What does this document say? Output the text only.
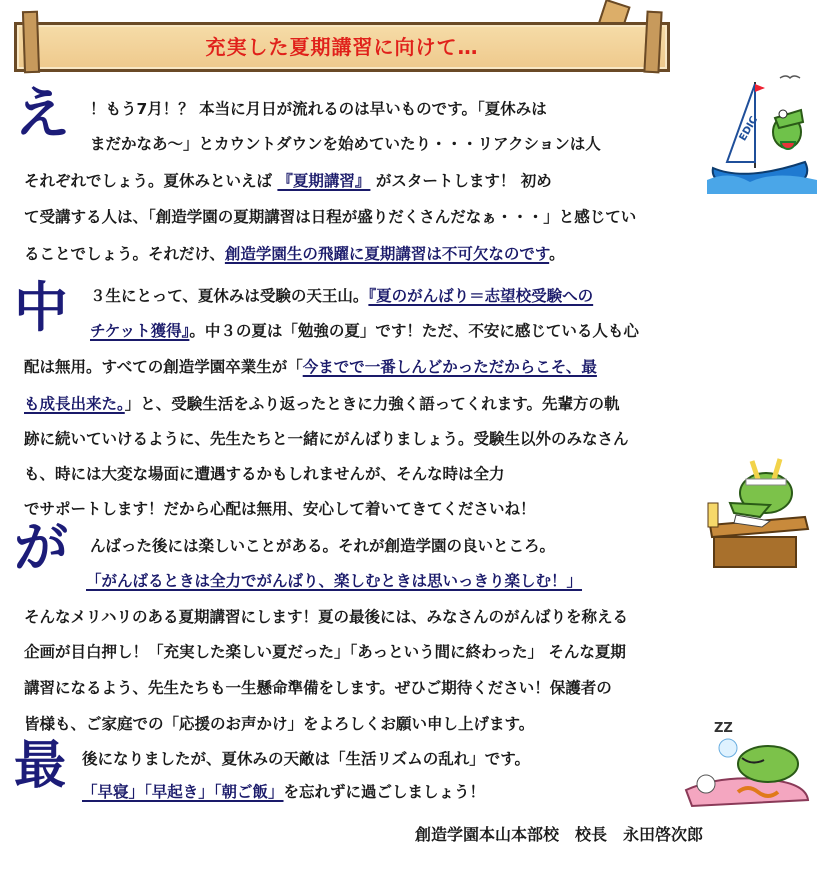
充実した夏期講習に向けて…
え
中
が
最
！もう7月！？ 本当に月日が流れるのは早いものです。「夏休みは
まだかなあ～」とカウントダウンを始めていたり・・・リアクションは人
それぞれでしょう。夏休みといえば 『夏期講習』 がスタートします！ 初め
て受講する人は、「創造学園の夏期講習は日程が盛りだくさんだなぁ・・・」と感じてい
ることでしょう。それだけ、創造学園生の飛躍に夏期講習は不可欠なのです。
３生にとって、夏休みは受験の天王山。『夏のがんばり＝志望校受験への
チケット獲得』。中３の夏は「勉強の夏」です！ただ、不安に感じている人も心
配は無用。すべての創造学園卒業生が「今までで一番しんどかっただからこそ、最
も成長出来た。」と、受験生活をふり返ったときに力強く語ってくれます。先輩方の軌
跡に続いていけるように、先生たちと一緒にがんばりましょう。受験生以外のみなさん
も、時には大変な場面に遭遇するかもしれませんが、そんな時は全力
でサポートします！だから心配は無用、安心して着いてきてくださいね！
んばった後には楽しいことがある。それが創造学園の良いところ。
「がんばるときは全力でがんばり、楽しむときは思いっきり楽しむ！」
そんなメリハリのある夏期講習にします！夏の最後には、みなさんのがんばりを称える
企画が目白押し！「充実した楽しい夏だった」「あっという間に終わった」 そんな夏期
講習になるよう、先生たちも一生懸命準備をします。ぜひご期待ください！保護者の
皆様も、ご家庭での「応援のお声かけ」をよろしくお願い申し上げます。
後になりましたが、夏休みの天敵は「生活リズムの乱れ」です。
「早寝」「早起き」「朝ご飯」を忘れずに過ごしましょう！
創造学園本山本部校　校長　永田啓次郎
EDIC
ZZ
